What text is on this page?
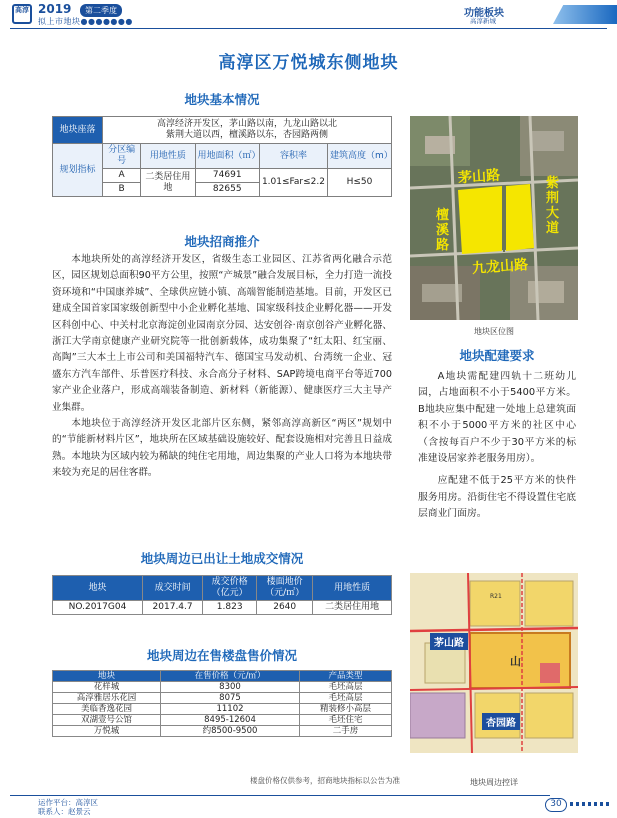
高淳 2019	第二季度
拟上市地块●●●●●●●
功能板块
高淳新城
高淳区万悦城东侧地块
地块基本情况
地块座落	高淳经济开发区，茅山路以南，九龙山路以北
紫荆大道以西，檀溪路以东，杏园路两侧				

规划指标	分区编号	用地性质	用地面积（㎡）	容积率	建筑高度（m）
	A	二类居住用地	74691	1.01≤Far≤2.2	H≤50
	B		82655		
地块招商推介

本地块所处的高淳经济开发区，省级生态工业园区、江苏省两化融合示范区，园区规划总面积90平方公里，按照“产城景”融合发展目标，全力打造一流投资环境和“中国康养城”、全球供应链小镇、高端智能制造基地。目前，开发区已建成全国首家国家级创新型中小企业孵化基地、国家级科技企业孵化器——开发区科创中心、中关村北京海淀创业园南京分园、达安创谷·南京创谷产业孵化器、浙江大学南京健康产业研究院等一批创新载体，成功集聚了“红太阳、红宝丽、高陶”三大本土上市公司和美国福特汽车、德国宝马发动机、台湾统一企业、冠盛东方汽车部件、乐普医疗科技、永合高分子材料、SAP跨境电商平台等近700家产业企业落户，形成高端装备制造、新材料（新能源）、健康医疗三大主导产业集群。

本地块位于高淳经济开发区北部片区东侧，紧邻高淳高新区“两区”规划中的“节能新材料片区”，地块所在区域基础设施较好、配套设施相对完善且日益成熟。本地块为区域内较为稀缺的纯住宅用地，周边集聚的产业人口将为本地块带来较为充足的居住客群。

地块周边已出让土地成交情况
地块	成交时间	成交价格（亿元）	楼面地价（元/㎡）	用地性质
NO.2017G04	2017.4.7	1.823	2640	二类居住用地
地块周边在售楼盘售价情况
地块	在售价格（元/㎡）	产品类型
花样城	8300	毛坯高层
高淳雅居乐花园	8075	毛坯高层
美临香逸花园	11102	精装修小高层
双湖壹号公馆	8495-12604	毛坯住宅
万悦城	约8500-9500	二手房
楼盘价格仅供参考，招商地块指标以公告为准
茅山路	紫荆大道
檀溪路
九龙山路
地块区位图
地块配建要求

A地块需配建四轨十二班幼儿园，占地面积不小于5400平方米。B地块应集中配建一处地上总建筑面积不小于5000平方米的社区中心（含按每百户不少于30平方米的标准建设居家养老服务用房）。

应配建不低于25平方米的快件服务用房。沿街住宅不得设置住宅底层商业门面房。

茅山路
杏园路
山
R21
地块周边控详
运作平台：高淳区
联系人：赵景云
30
